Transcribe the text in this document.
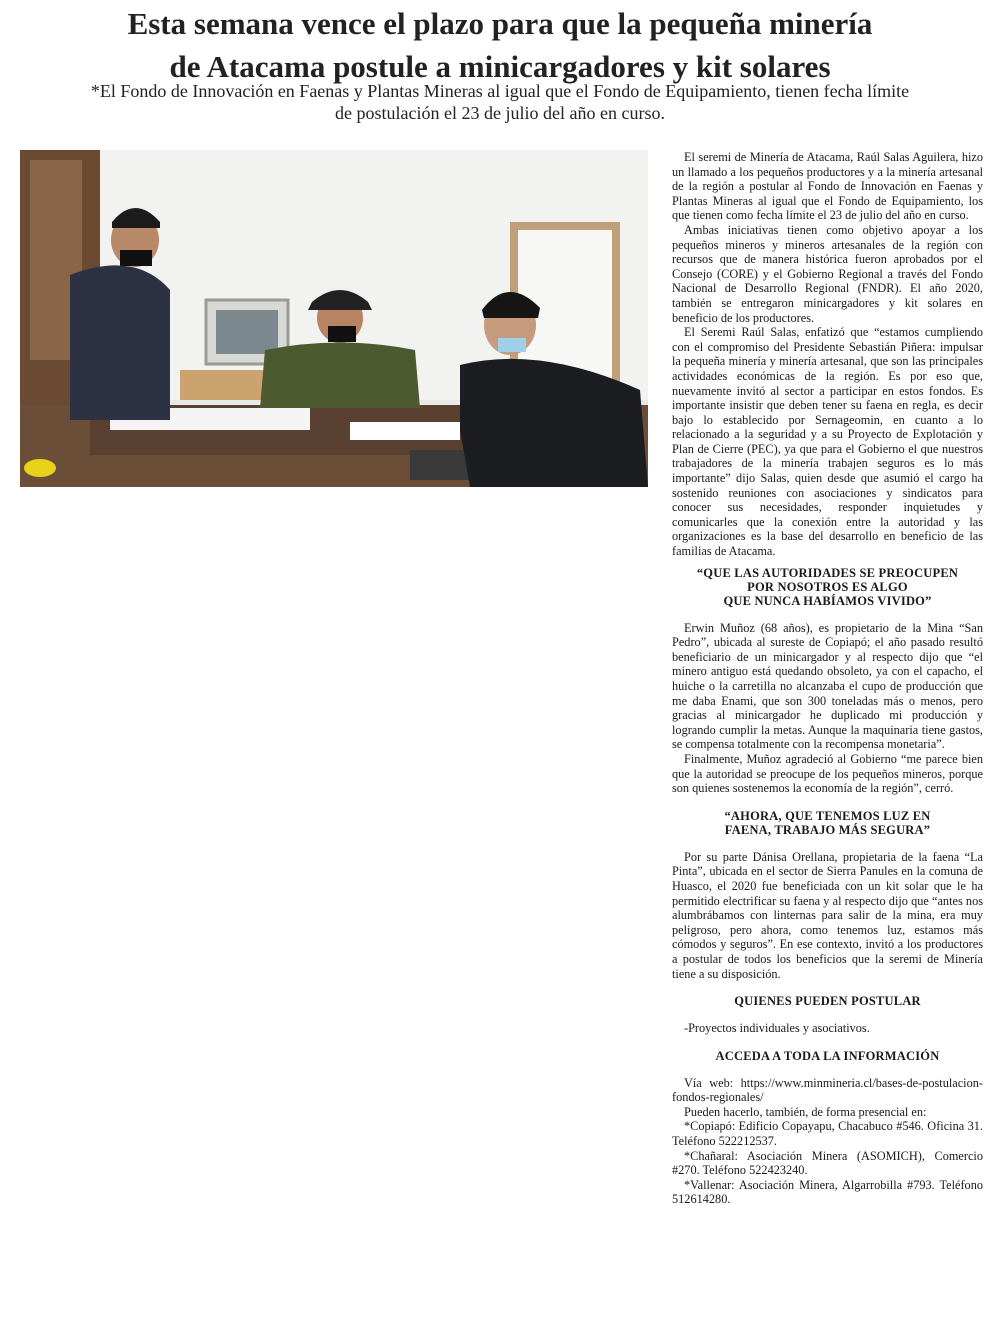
Esta semana vence el plazo para que la pequeña minería
de Atacama postule a minicargadores y kit solares
*El Fondo de Innovación en Faenas y Plantas Mineras al igual que el Fondo de Equipamiento, tienen fecha límite
de postulación el 23 de julio del año en curso.

El seremi de Minería de Atacama, Raúl Salas Aguilera, hizo un llamado a los pequeños productores y a la minería artesanal de la región a postular al Fondo de Innovación en Faenas y Plantas Mineras al igual que el Fondo de Equipamiento, los que tienen como fecha límite el 23 de julio del año en curso.

Ambas iniciativas tienen como objetivo apoyar a los pequeños mineros y mineros artesanales de la región con recursos que de manera histórica fueron aprobados por el Consejo (CORE) y el Gobierno Regional a través del Fondo Nacional de Desarrollo Regional (FNDR). El año 2020, también se entregaron minicargadores y kit solares en beneficio de los productores.

El Seremi Raúl Salas, enfatizó que “estamos cumpliendo con el compromiso del Presidente Sebastián Piñera: impulsar la pequeña minería y minería artesanal, que son las principales actividades económicas de la región. Es por eso que, nuevamente invitó al sector a participar en estos fondos. Es importante insistir que deben tener su faena en regla, es decir bajo lo establecido por Sernageomin, en cuanto a lo relacionado a la seguridad y a su Proyecto de Explotación y Plan de Cierre (PEC), ya que para el Gobierno el que nuestros trabajadores de la minería trabajen seguros es lo más importante” dijo Salas, quien desde que asumió el cargo ha sostenido reuniones con asociaciones y sindicatos para conocer sus necesidades, responder inquietudes y comunicarles que la conexión entre la autoridad y las organizaciones es la base del desarrollo en beneficio de las familias de Atacama.

“QUE LAS AUTORIDADES SE PREOCUPEN
POR NOSOTROS ES ALGO
QUE NUNCA HABÍAMOS VIVIDO”

Erwin Muñoz (68 años), es propietario de la Mina “San Pedro”, ubicada al sureste de Copiapó; el año pasado resultó beneficiario de un minicargador y al respecto dijo que “el minero antiguo está quedando obsoleto, ya con el capacho, el huiche o la carretilla no alcanzaba el cupo de producción que me daba Enami, que son 300 toneladas más o menos, pero gracias al minicargador he duplicado mi producción y logrando cumplir la metas. Aunque la maquinaria tiene gastos, se compensa totalmente con la recompensa monetaria”.

Finalmente, Muñoz agradeció al Gobierno “me parece bien que la autoridad se preocupe de los pequeños mineros, porque son quienes sostenemos la economía de la región”, cerró.

“AHORA, QUE TENEMOS LUZ EN
FAENA, TRABAJO MÁS SEGURA”

Por su parte Dánisa Orellana, propietaria de la faena “La Pinta”, ubicada en el sector de Sierra Panules en la comuna de Huasco, el 2020 fue beneficiada con un kit solar que le ha permitido electrificar su faena y al respecto dijo que “antes nos alumbrábamos con linternas para salir de la mina, era muy peligroso, pero ahora, como tenemos luz, estamos más cómodos y seguros”. En ese contexto, invitó a los productores a postular de todos los beneficios que la seremi de Minería tiene a su disposición.

QUIENES PUEDEN POSTULAR

-Proyectos individuales y asociativos.

ACCEDA A TODA LA INFORMACIÓN

Vía web: https://www.minmineria.cl/bases-de-postulacion-fondos-regionales/

Pueden hacerlo, también, de forma presencial en:

*Copiapó: Edificio Copayapu, Chacabuco #546. Oficina 31. Teléfono 522212537.

*Chañaral: Asociación Minera (ASOMICH), Comercio #270. Teléfono 522423240.

*Vallenar: Asociación Minera, Algarrobilla #793. Teléfono 512614280.
